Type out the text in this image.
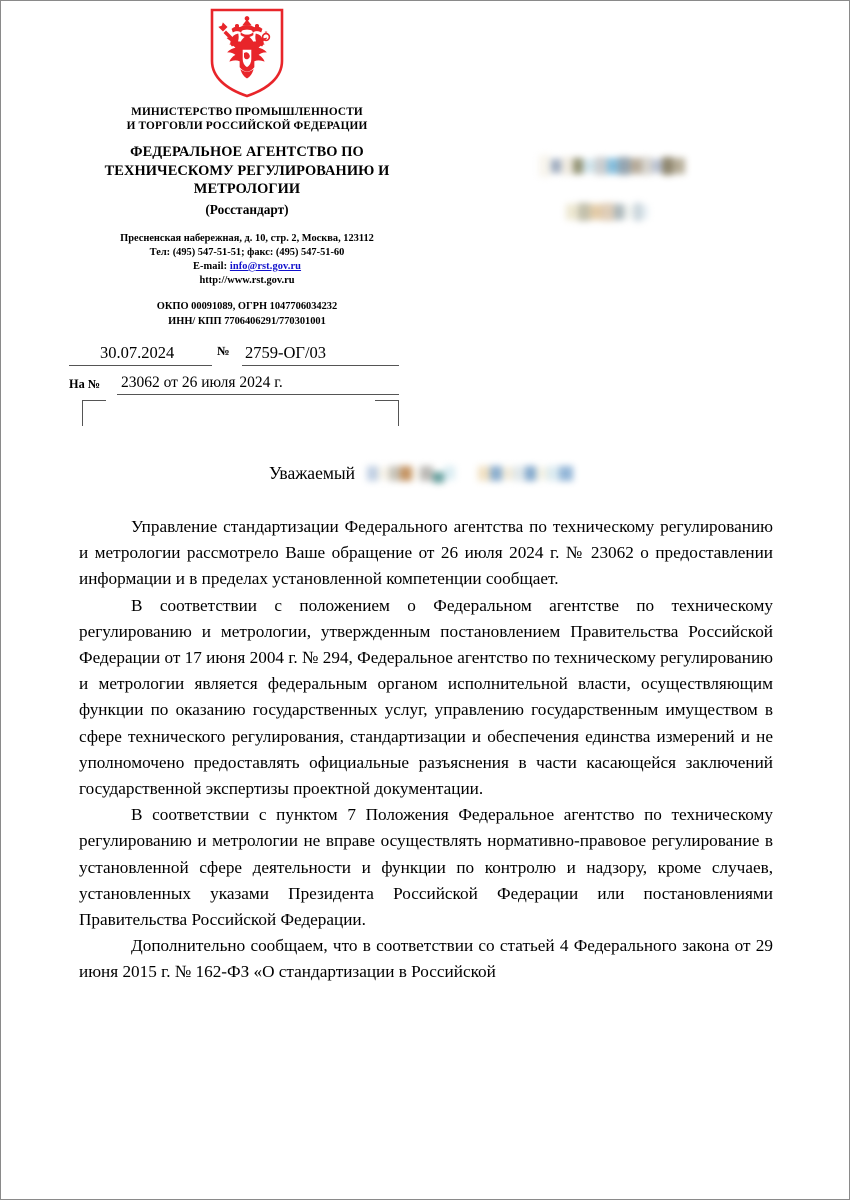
МИНИСТЕРСТВО ПРОМЫШЛЕННОСТИ
И ТОРГОВЛИ РОССИЙСКОЙ ФЕДЕРАЦИИ
ФЕДЕРАЛЬНОЕ АГЕНТСТВО ПО
ТЕХНИЧЕСКОМУ РЕГУЛИРОВАНИЮ И
МЕТРОЛОГИИ
(Росстандарт)
Пресненская набережная, д. 10, стр. 2, Москва, 123112
Тел: (495) 547-51-51; факс: (495) 547-51-60
E-mail: info@rst.gov.ru
http://www.rst.gov.ru
ОКПО 00091089, ОГРН 1047706034232
ИНН/ КПП 7706406291/770301001
30.07.2024	№ 2759-ОГ/03
На № 23062 от 26 июля 2024 г.
Уважаемый

Управление стандартизации Федерального агентства по техническому регулированию и метрологии рассмотрело Ваше обращение от 26 июля 2024 г. № 23062 о предоставлении информации и в пределах установленной компетенции сообщает.

В соответствии с положением о Федеральном агентстве по техническому регулированию и метрологии, утвержденным постановлением Правительства Российской Федерации от 17 июня 2004 г. № 294, Федеральное агентство по техническому регулированию и метрологии является федеральным органом исполнительной власти, осуществляющим функции по оказанию государственных услуг, управлению государственным имуществом в сфере технического регулирования, стандартизации и обеспечения единства измерений и не уполномочено предоставлять официальные разъяснения в части касающейся заключений государственной экспертизы проектной документации.

В соответствии с пунктом 7 Положения Федеральное агентство по техническому регулированию и метрологии не вправе осуществлять нормативно-правовое регулирование в установленной сфере деятельности и функции по контролю и надзору, кроме случаев, установленных указами Президента Российской Федерации или постановлениями Правительства Российской Федерации.

Дополнительно сообщаем, что в соответствии со статьей 4 Федерального закона от 29 июня 2015 г. № 162-ФЗ «О стандартизации в Российской
